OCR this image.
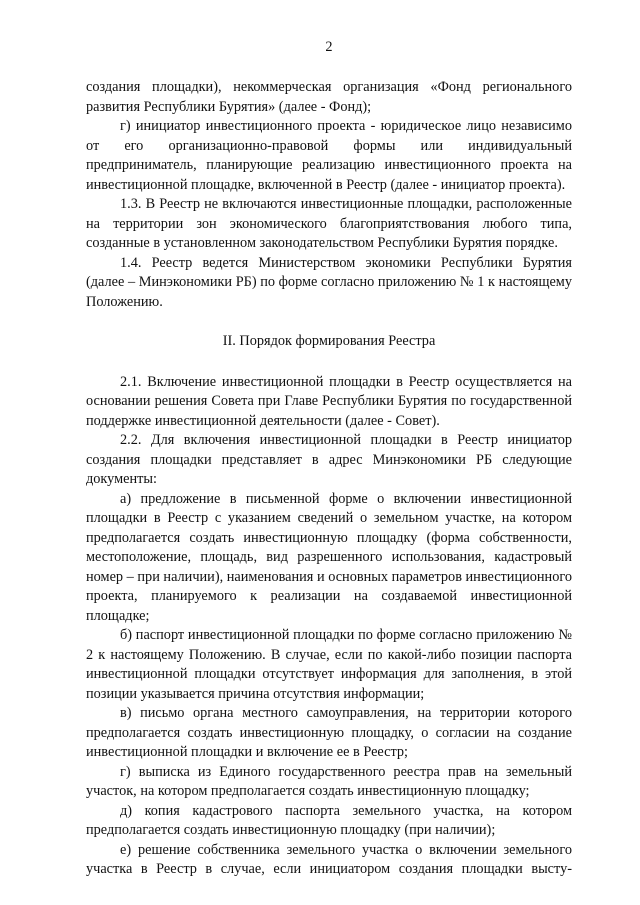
2

создания площадки), некоммерческая организация «Фонд регионального развития Республики Бурятия» (далее - Фонд);

г) инициатор инвестиционного проекта - юридическое лицо независимо от его организационно-правовой формы или индивидуальный предприниматель, планирующие реализацию инвестиционного проекта на инвестиционной площадке, включенной в Реестр (далее - инициатор проекта).

1.3. В Реестр не включаются инвестиционные площадки, расположенные на территории зон экономического благоприятствования любого типа, созданные в установленном законодательством Республики Бурятия порядке.

1.4. Реестр ведется Министерством экономики Республики Бурятия (далее – Минэкономики РБ) по форме согласно приложению № 1 к настоящему Положению.

II. Порядок формирования Реестра

2.1. Включение инвестиционной площадки в Реестр осуществляется на основании решения Совета при Главе Республики Бурятия по государственной поддержке инвестиционной деятельности (далее - Совет).

2.2. Для включения инвестиционной площадки в Реестр инициатор создания площадки представляет в адрес Минэкономики РБ следующие документы:

а) предложение в письменной форме о включении инвестиционной площадки в Реестр с указанием сведений о земельном участке, на котором предполагается создать инвестиционную площадку (форма собственности, местоположение, площадь, вид разрешенного использования, кадастровый номер – при наличии), наименования и основных параметров инвестиционного проекта, планируемого к реализации на создаваемой инвестиционной площадке;

б) паспорт инвестиционной площадки по форме согласно приложению № 2 к настоящему Положению. В случае, если по какой-либо позиции паспорта инвестиционной площадки отсутствует информация для заполнения, в этой позиции указывается причина отсутствия информации;

в) письмо органа местного самоуправления, на территории которого предполагается создать инвестиционную площадку, о согласии на создание инвестиционной площадки и включение ее в Реестр;

г) выписка из Единого государственного реестра прав на земельный участок, на котором предполагается создать инвестиционную площадку;

д) копия кадастрового паспорта земельного участка, на котором предполагается создать инвестиционную площадку (при наличии);

е) решение собственника земельного участка о включении земельного участка в Реестр в случае, если инициатором создания площадки высту-
